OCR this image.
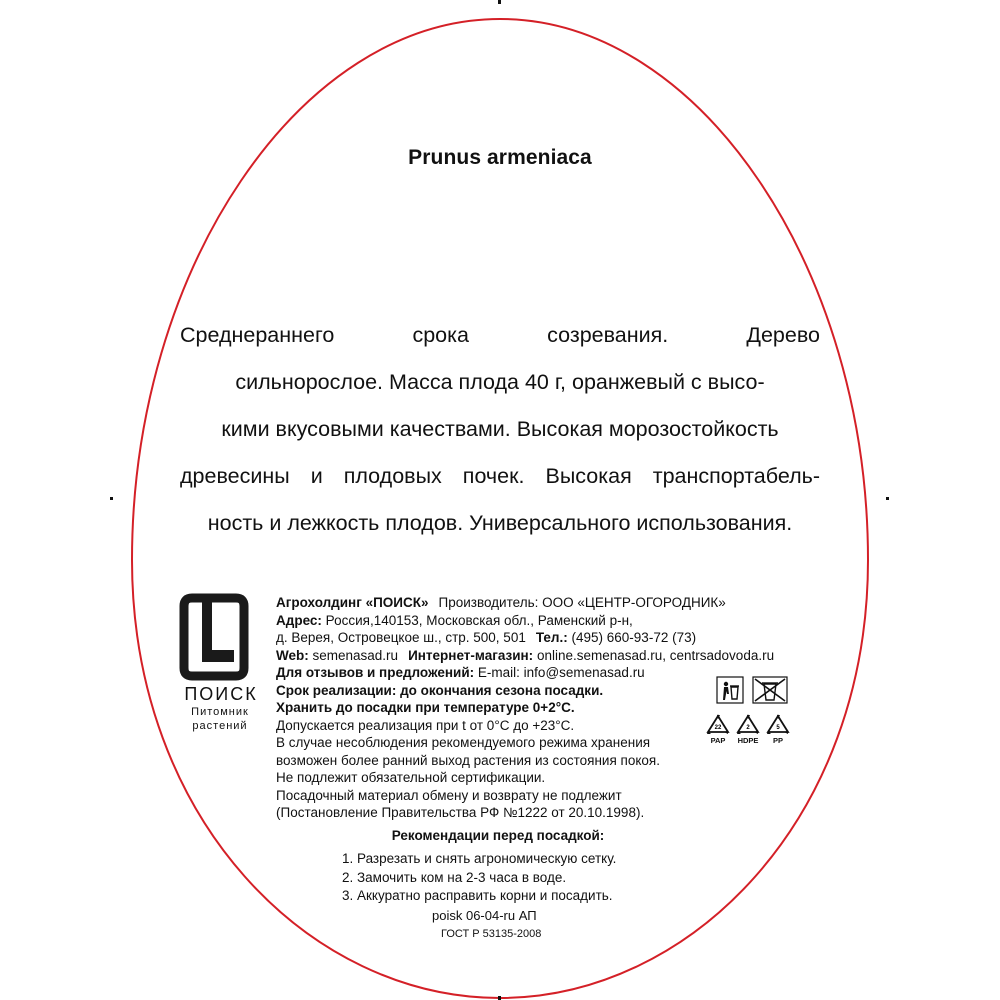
Prunus armeniaca
Среднераннего	срока	созревания.	Дерево
сильнорослое. Масса плода 40 г, оранжевый с высо-
кими вкусовыми качествами. Высокая морозостойкость
древесины и плодовых почек. Высокая транспортабель-
ность и лежкость плодов. Универсального использования.
ПОИСК
Питомник
растений
Агрохолдинг «ПОИСК» Производитель: ООО «ЦЕНТР-ОГОРОДНИК»
Адрес: Россия,140153, Московская обл., Раменский р-н,
д. Верея, Островецкое ш., стр. 500, 501 Тел.: (495) 660-93-72 (73)
Web: semenasad.ru Интернет-магазин: online.semenasad.ru, centrsadovoda.ru
Для отзывов и предложений: E-mail: info@semenasad.ru
Срок реализации: до окончания сезона посадки.
Хранить до посадки при температуре 0+2°С.
Допускается реализация при t от 0°С до +23°С.
В случае несоблюдения рекомендуемого режима хранения
возможен более ранний выход растения из состояния покоя.
Не подлежит обязательной сертификации.
Посадочный материал обмену и возврату не подлежит
(Постановление Правительства РФ №1222 от 20.10.1998).
Рекомендации перед посадкой:
1. Разрезать и снять агрономическую сетку.
2. Замочить ком на 2-3 часа в воде.
3. Аккуратно расправить корни и посадить.
poisk 06-04-ru АП
ГОСТ Р 53135-2008
22	2	5
PAP	HDPE	PP
